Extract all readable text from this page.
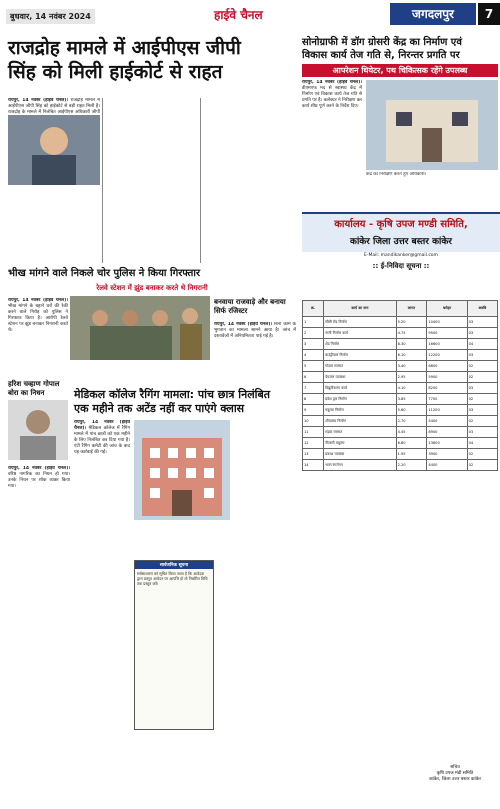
बुधवार, 14 नवंबर 2024	हाईवे चैनल	जगदलपुर	7
राजद्रोह मामले में आईपीएस जीपी
सिंह को मिली हाईकोर्ट से राहत
रायपुर, 14 नवंबर (हाईवे चैनल)। राजद्रोह मामले में आईपीएस जीपी सिंह को हाईकोर्ट से बड़ी राहत मिली है। राजद्रोह के मामले में निलंबित आईपीएस अधिकारी जीपी
सोनोग्राफी में डॉग ग्रोसरी केंद्र का निर्माण एवं
विकास कार्य तेज गति से, निरन्तर प्रगति पर
आपरेशन थियेटर, पथ चिकित्सक रहेंगे उपलब्ध
रायपुर, 14 नवंबर (हाईवे चैनल)। डीएमएफ मद से स्वास्थ्य केंद्र में निर्माण एवं विकास कार्य तेज गति से प्रगति पर है। कलेक्टर ने निरीक्षण कर कार्य शीघ्र पूर्ण करने के निर्देश दिए।
केंद्र का निरीक्षण करते हुए अधिकारी।
कार्यालय - कृषि उपज मण्डी समिति,
कांकेर जिला उत्तर बस्तर कांकेर
E-Mail: mandikanker@gmail.com
:: ई-निविदा सूचना ::
क्र.	कार्य का नाम	लागत	धरोहर	अवधि
1	सीसी रोड निर्माण	5.20	10400	03
2	नाली निर्माण कार्य	4.75	9500	03
3	शेड निर्माण	8.30	16600	04
4	बाउंड्रीवाल निर्माण	6.10	12200	03
5	गोदाम मरम्मत	3.40	6800	02
6	पेयजल व्यवस्था	2.95	5900	02
7	विद्युतीकरण कार्य	4.10	8200	03
8	प्रवेश द्वार निर्माण	3.85	7700	02
9	चबूतरा निर्माण	5.60	11200	03
10	शौचालय निर्माण	2.70	5400	02
11	सड़क मरम्मत	4.45	8900	03
12	नीलामी चबूतरा	6.80	13600	04
13	प्रकाश व्यवस्था	1.95	3900	02
14	भवन रंगरोगन	2.20	4400	02
सचिव
कृषि उपज मंडी समिति
कांकेर, जिला उत्तर बस्तर कांकेर
भीख मांगने वाले निकले चोर पुलिस ने किया गिरफ्तार
रेलवे स्टेशन में झुंड बनाकर करते थे निगरानी
रायपुर, 14 नवंबर (हाईवे चैनल)। भीख मांगने के बहाने घरों की रेकी करने वाले गिरोह को पुलिस ने गिरफ्तार किया है। आरोपी रेलवे स्टेशन पर झुंड बनाकर निगरानी करते थे।
बनवाया राजवाड़े और बनाया सिर्फ रजिस्टर
रायपुर, 14 नवंबर (हाईवे चैनल)। बिना काम के भुगतान का मामला सामने आया है। जांच में दस्तावेजों में अनियमितता पाई गई है।
हरिश चव्हाण गोपाल बोरा का निधन
रायपुर, 14 नवंबर (हाईवे चैनल)। वरिष्ठ नागरिक का निधन हो गया। उनके निधन पर शोक व्यक्त किया गया।
मेडिकल कॉलेज रैगिंग मामला: पांच छात्र निलंबित
एक महीने तक अटेंड नहीं कर पाएंगे क्लास
रायपुर, 14 नवंबर (हाईवे चैनल)। मेडिकल कॉलेज में रैगिंग मामले में पांच छात्रों को एक महीने के लिए निलंबित कर दिया गया है। एंटी रैगिंग कमेटी की जांच के बाद यह कार्रवाई की गई।
सार्वजनिक सूचना
सर्वसाधारण को सूचित किया जाता है कि आवेदक द्वारा प्रस्तुत आवेदन पर आपत्ति हो तो निर्धारित तिथि तक प्रस्तुत करें।
